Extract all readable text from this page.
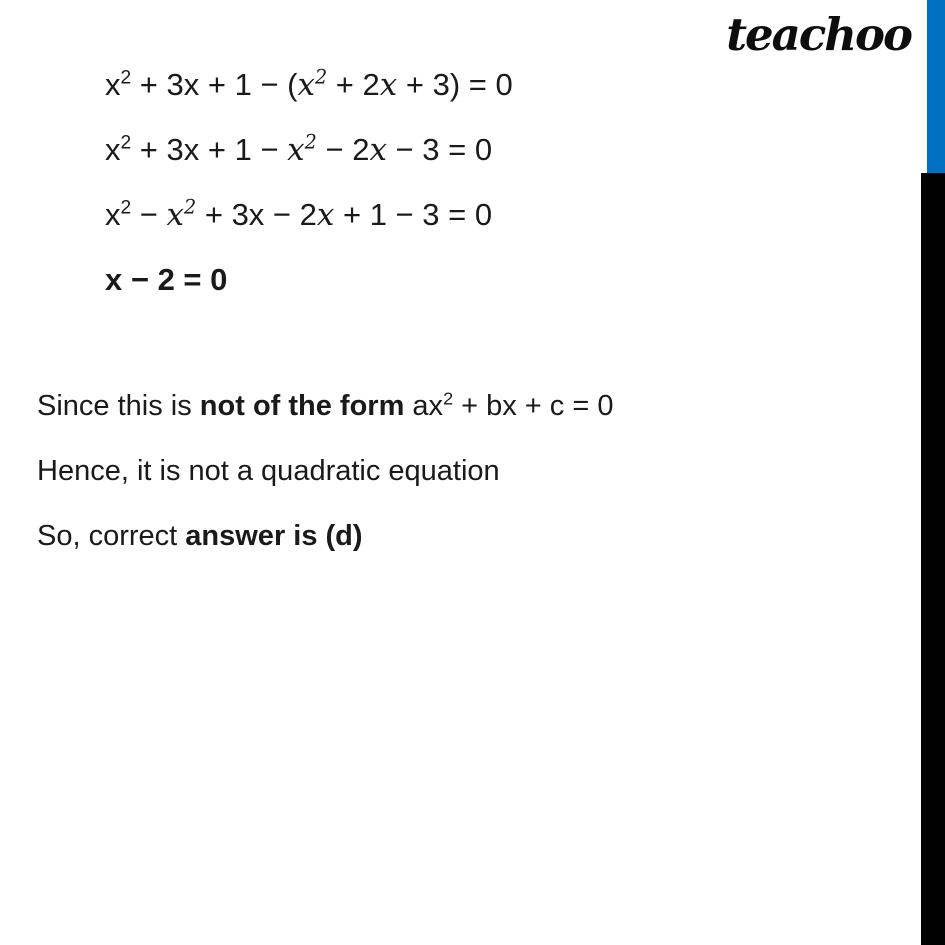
teachoo
$x^2 + 3x + 1 - (x^2 + 2x + 3) = 0$
$x^2 + 3x + 1 - x^2 - 2x - 3 = 0$
$x^2 - x^2 + 3x - 2x + 1 - 3 = 0$
x − 2 = 0
Since this is not of the form $ax^2$ + bx + c = 0
Hence, it is not a quadratic equation
So, correct answer is (d)
